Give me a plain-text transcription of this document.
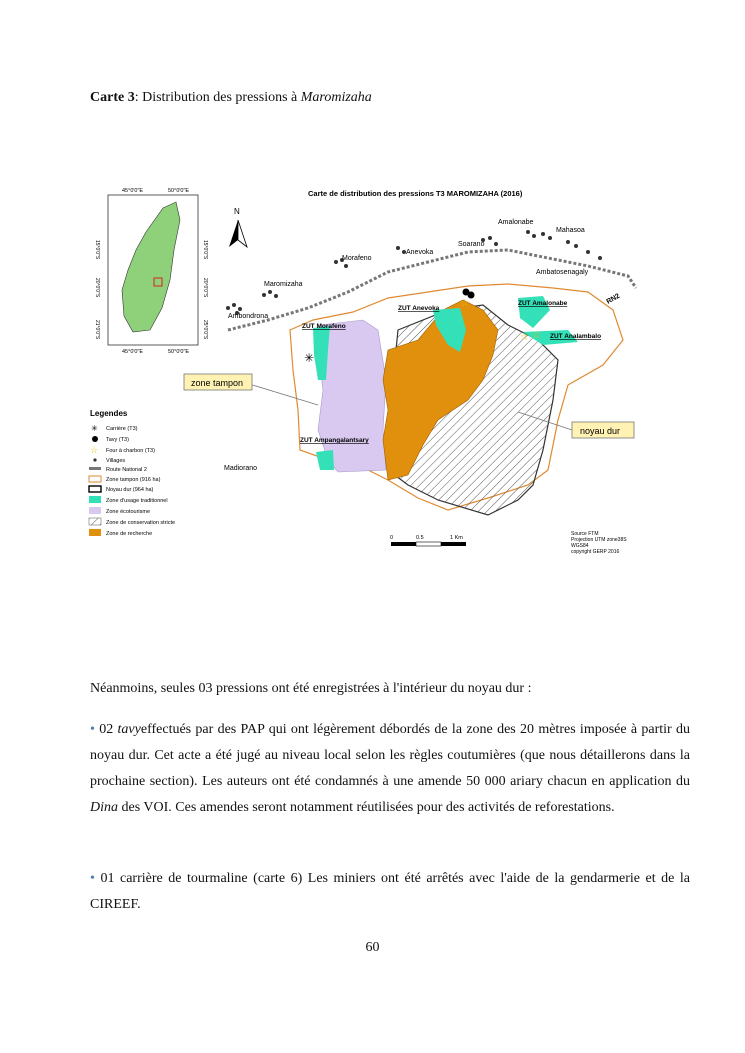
Carte 3: Distribution des pressions à Maromizaha
45°0'0"E	50°0'0"E
45°0'0"E	50°0'0"E
15°0'0"S
20°0'0"S
21°0'0"S
15°0'0"S
20°0'0"S
25°0'0"S
N
Carte de distribution des pressions T3 MAROMIZAHA (2016)
RN2
☆
☆ ☆
✳
Amalonabe
Mahasoa
Soarano
Anevoka
Morafeno
Ambatosenagaly
Maromizaha
Ambondrona
Madiorano
ZUT Anevoka
ZUT Amalonabe
ZUT Morafeno
ZUT Analambalo
ZUT Ampangalantsary
zone tampon
noyau dur
Legendes
✳
☆
Carrière (T3)
Tavy (T3)
Four à charbon (T3)
Villages
Route National 2
Zone tampon (916 ha)
Noyau dur (964 ha)
Zone d'usage traditionnel
Zone écotourisme
Zone de conservation stricte
Zone de recherche
0	0.5	1 Km
Source FTM
Projection UTM zone38S
WGS84
copyright GERP 2016
Néanmoins, seules 03 pressions ont été enregistrées à l'intérieur du noyau dur :
• 02 tavyeffectués par des PAP qui ont légèrement débordés de la zone des 20 mètres imposée à partir du noyau dur. Cet acte a été jugé au niveau local selon les règles coutumières (que nous détaillerons dans la prochaine section). Les auteurs ont été condamnés à une amende 50 000 ariary chacun en application du Dina des VOI. Ces amendes seront notamment réutilisées pour des activités de reforestations.
• 01 carrière de tourmaline (carte 6) Les miniers ont été arrêtés avec l'aide de la gendarmerie et de la CIREEF.
60
